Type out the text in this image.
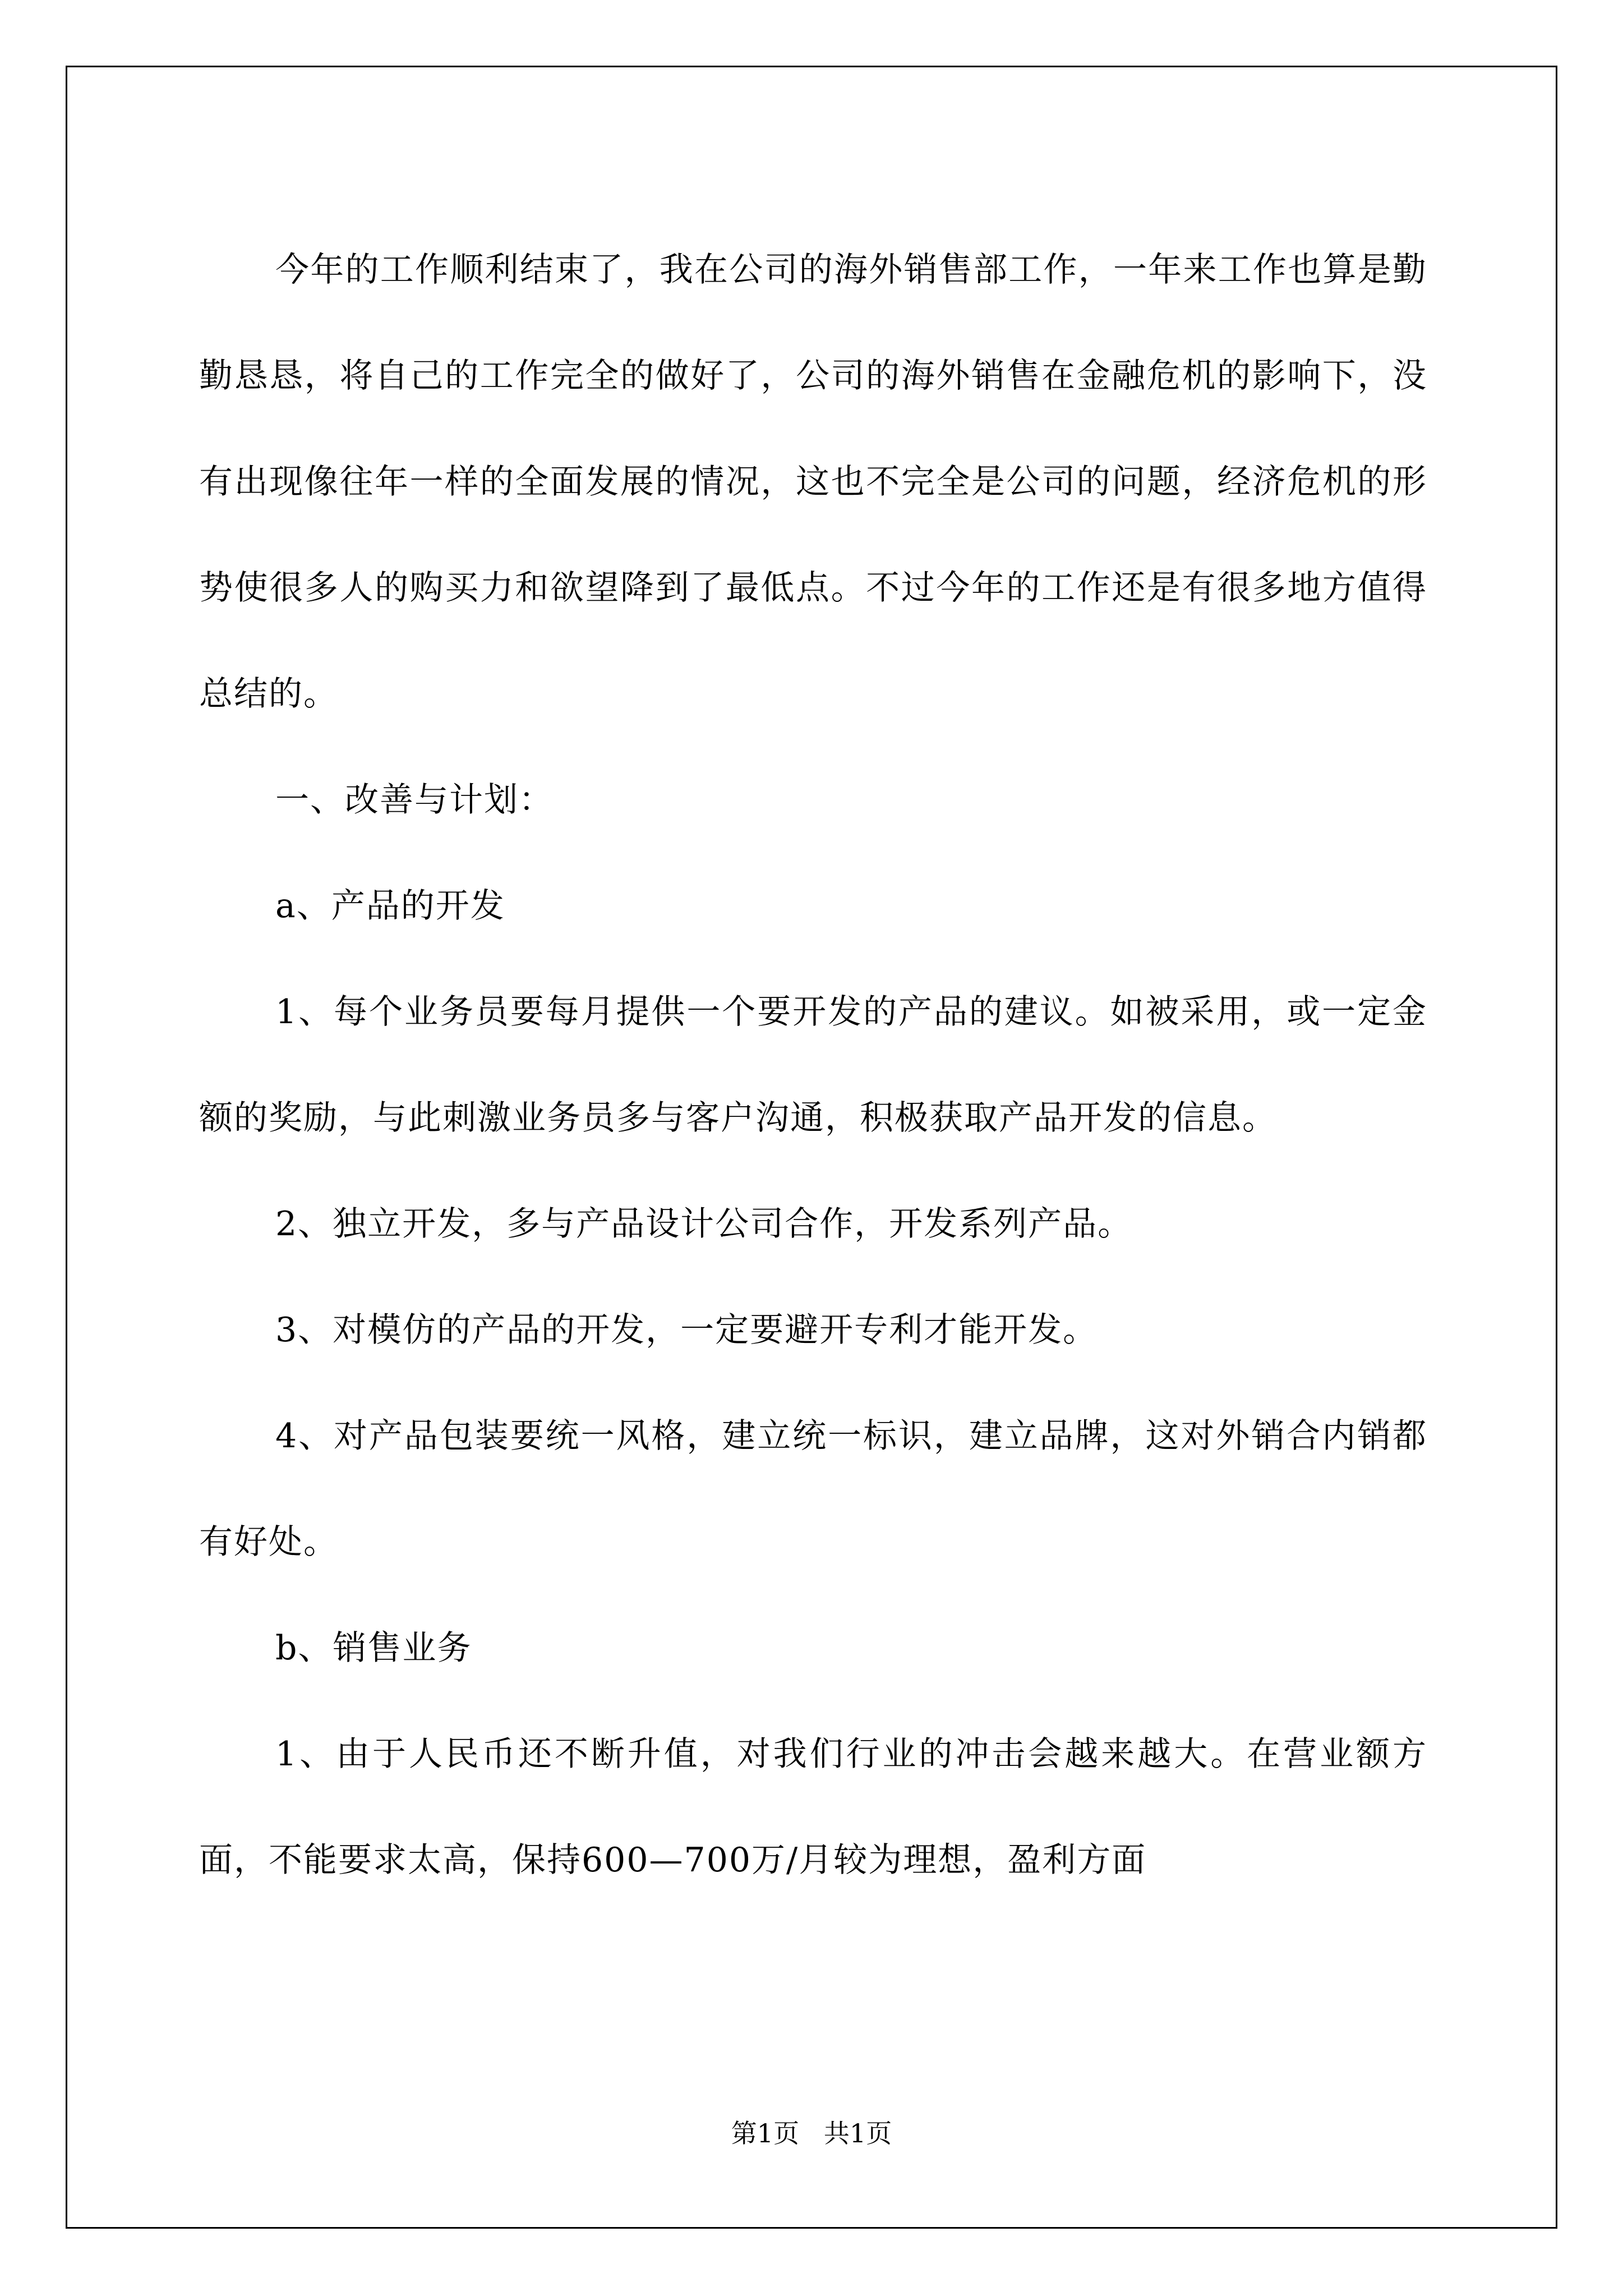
今年的工作顺利结束了，我在公司的海外销售部工作，一年来工作也算是勤勤恳恳，将自己的工作完全的做好了，公司的海外销售在金融危机的影响下，没有出现像往年一样的全面发展的情况，这也不完全是公司的问题，经济危机的形势使很多人的购买力和欲望降到了最低点。不过今年的工作还是有很多地方值得总结的。

一、改善与计划：

a、产品的开发

1、每个业务员要每月提供一个要开发的产品的建议。如被采用，或一定金额的奖励，与此刺激业务员多与客户沟通，积极获取产品开发的信息。

2、独立开发，多与产品设计公司合作，开发系列产品。

3、对模仿的产品的开发，一定要避开专利才能开发。

4、对产品包装要统一风格，建立统一标识，建立品牌，这对外销合内销都有好处。

b、销售业务

1、由于人民币还不断升值，对我们行业的冲击会越来越大。在营业额方面，不能要求太高，保持600—700万/月较为理想，盈利方面

第1页   共1页
